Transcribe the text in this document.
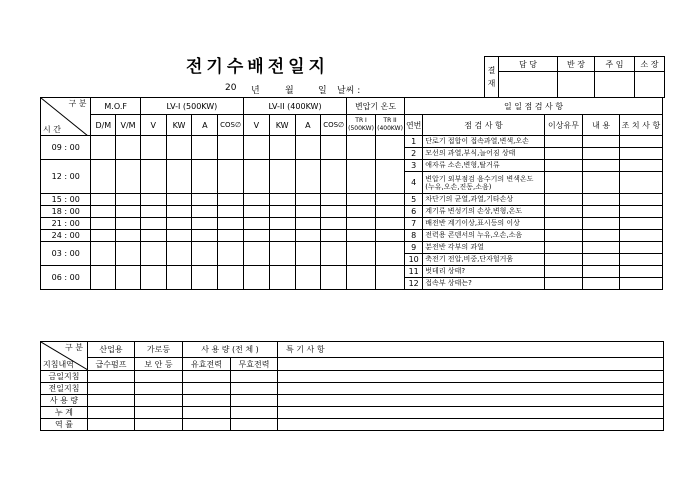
전기수배전일지
20 년	월	일 날씨 :
결
재	담 당	반 장	주 임	소 장

구 분
시 간	M.O.F		LV-I (500KW)				LV-II (400KW)				변압기 온도		일 일 점 검 사 항				
	D/M	V/M	V	KW	A	COS∅	V	KW	A	COS∅	TR I (500KW)	TR II (400KW)	연번	점 검 사 항	이상유무	내 용	조 치 사 항
09 : 00													1	단로기 접합이 접속과열,변색,오손			
													2	모선의 과열,부식,늘어짐 상태			
12 : 00													3	애자류 소손,변형,탈거류			
													4	변압기 외부점검 음수기의 변색온도 (누유,오손,진동,소음)			
15 : 00													5	차단기의 균열,과열,기타손상			
18 : 00													6	계기류 변성기의 손상,변형,온도			
21 : 00													7	배전반 계기이상,표시등의 이상			
24 : 00													8	전력용 콘덴서의 누유,오손,소음			
03 : 00													9	분전반 각부의 과열			
													10	축전기 전압,비중,단자헐거움			
06 : 00													11	벗데리 상태?			
													12	접속부 상태는?			
구 분
지침내역	산업용	가로등	사 용 량 (전 체 )		특 기 사 항
	급수펌프	보 안 등	유효전력	무효전력	
금일지침					
전일지침					
사 용 량					
누 계					
역 률					
